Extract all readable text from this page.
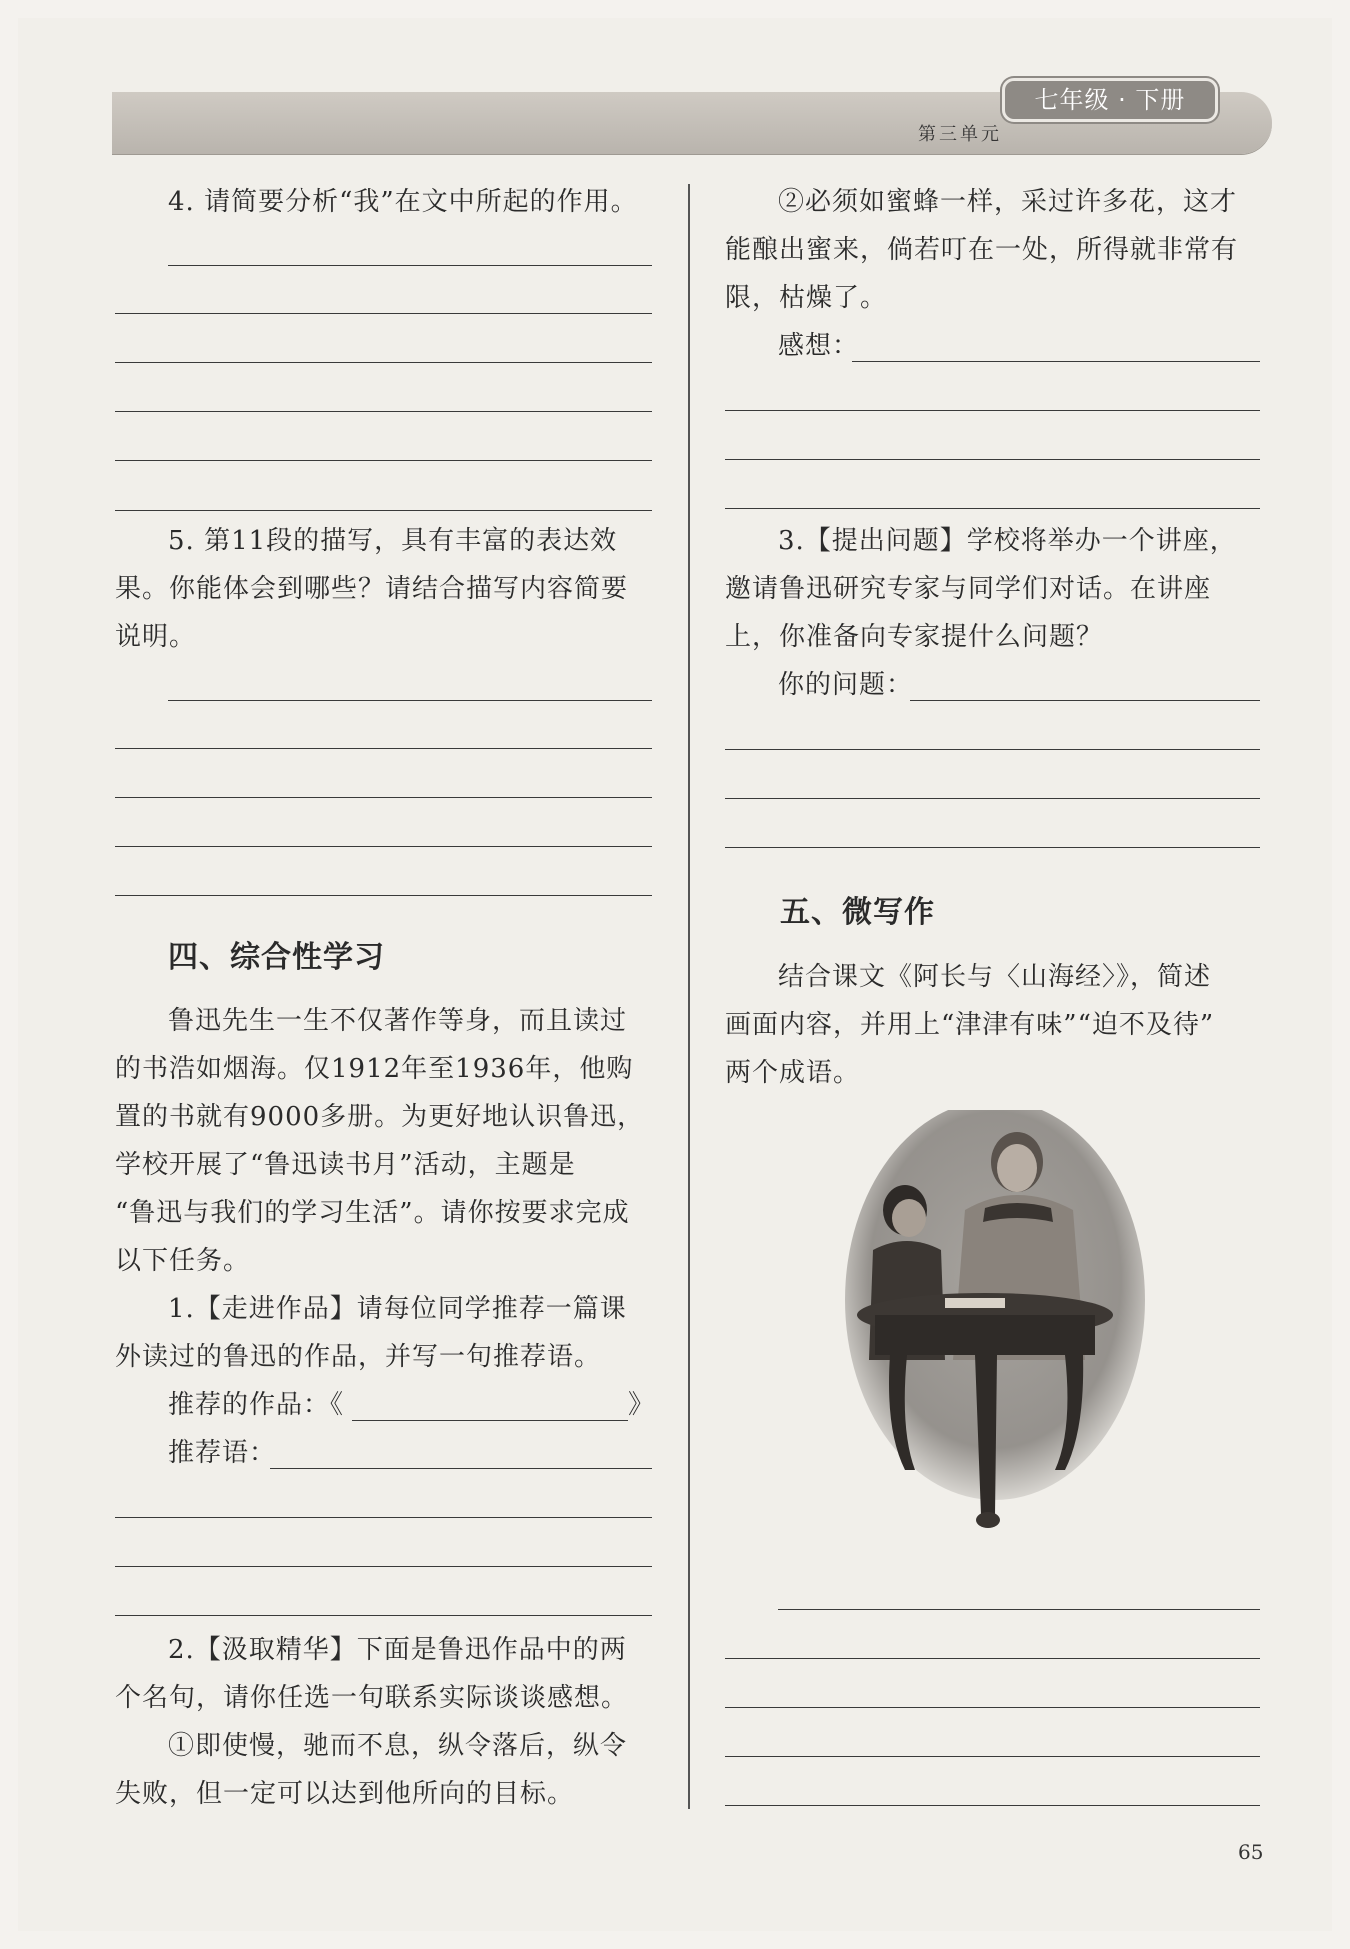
七年级 · 下册
第三单元
4. 请简要分析“我”在文中所起的作用。
5. 第11段的描写，具有丰富的表达效
果。你能体会到哪些？请结合描写内容简要
说明。
四、综合性学习
鲁迅先生一生不仅著作等身，而且读过
的书浩如烟海。仅1912年至1936年，他购
置的书就有9000多册。为更好地认识鲁迅，
学校开展了“鲁迅读书月”活动，主题是
“鲁迅与我们的学习生活”。请你按要求完成
以下任务。
1.【走进作品】请每位同学推荐一篇课
外读过的鲁迅的作品，并写一句推荐语。
推荐的作品：《	》
推荐语：
2.【汲取精华】下面是鲁迅作品中的两
个名句，请你任选一句联系实际谈谈感想。
①即使慢，驰而不息，纵令落后，纵令
失败，但一定可以达到他所向的目标。
②必须如蜜蜂一样，采过许多花，这才
能酿出蜜来，倘若叮在一处，所得就非常有
限，枯燥了。
感想：
3.【提出问题】学校将举办一个讲座，
邀请鲁迅研究专家与同学们对话。在讲座
上，你准备向专家提什么问题？
你的问题：
五、微写作
结合课文《阿长与〈山海经〉》，简述
画面内容，并用上“津津有味”“迫不及待”
两个成语。
65
